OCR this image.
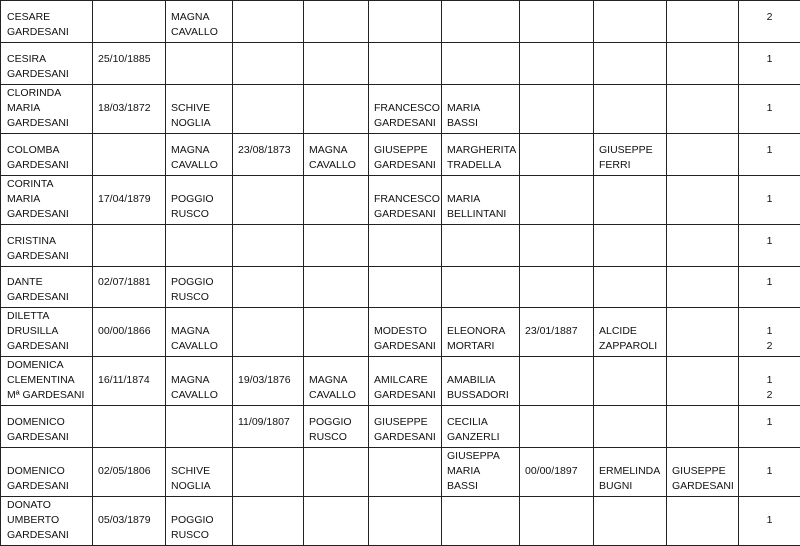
CESARE
GARDESANI		MAGNA
CAVALLO								2

CESIRA
GARDESANI	25/10/1885									1

CLORINDA
MARIA
GARDESANI	18/03/1872	SCHIVE
NOGLIA			FRANCESCO
GARDESANI	MARIA
BASSI				1

COLOMBA
GARDESANI		MAGNA
CAVALLO	23/08/1873	MAGNA
CAVALLO	GIUSEPPE
GARDESANI	MARGHERITA
TRADELLA		GIUSEPPE
FERRI		1

CORINTA
MARIA
GARDESANI	17/04/1879	POGGIO
RUSCO			FRANCESCO
GARDESANI	MARIA
BELLINTANI				1

CRISTINA
GARDESANI										1

DANTE
GARDESANI	02/07/1881	POGGIO
RUSCO								1

DILETTA
DRUSILLA
GARDESANI	00/00/1866	MAGNA
CAVALLO			MODESTO
GARDESANI	ELEONORA
MORTARI	23/01/1887	ALCIDE
ZAPPAROLI		1
2

DOMENICA
CLEMENTINA
Mª GARDESANI	16/11/1874	MAGNA
CAVALLO	19/03/1876	MAGNA
CAVALLO	AMILCARE
GARDESANI	AMABILIA
BUSSADORI				1
2

DOMENICO
GARDESANI			11/09/1807	POGGIO
RUSCO	GIUSEPPE
GARDESANI	CECILIA
GANZERLI				1

DOMENICO
GARDESANI	02/05/1806	SCHIVE
NOGLIA				GIUSEPPA
MARIA
BASSI	00/00/1897	ERMELINDA
BUGNI	GIUSEPPE
GARDESANI	1

DONATO
UMBERTO
GARDESANI	05/03/1879	POGGIO
RUSCO								1
